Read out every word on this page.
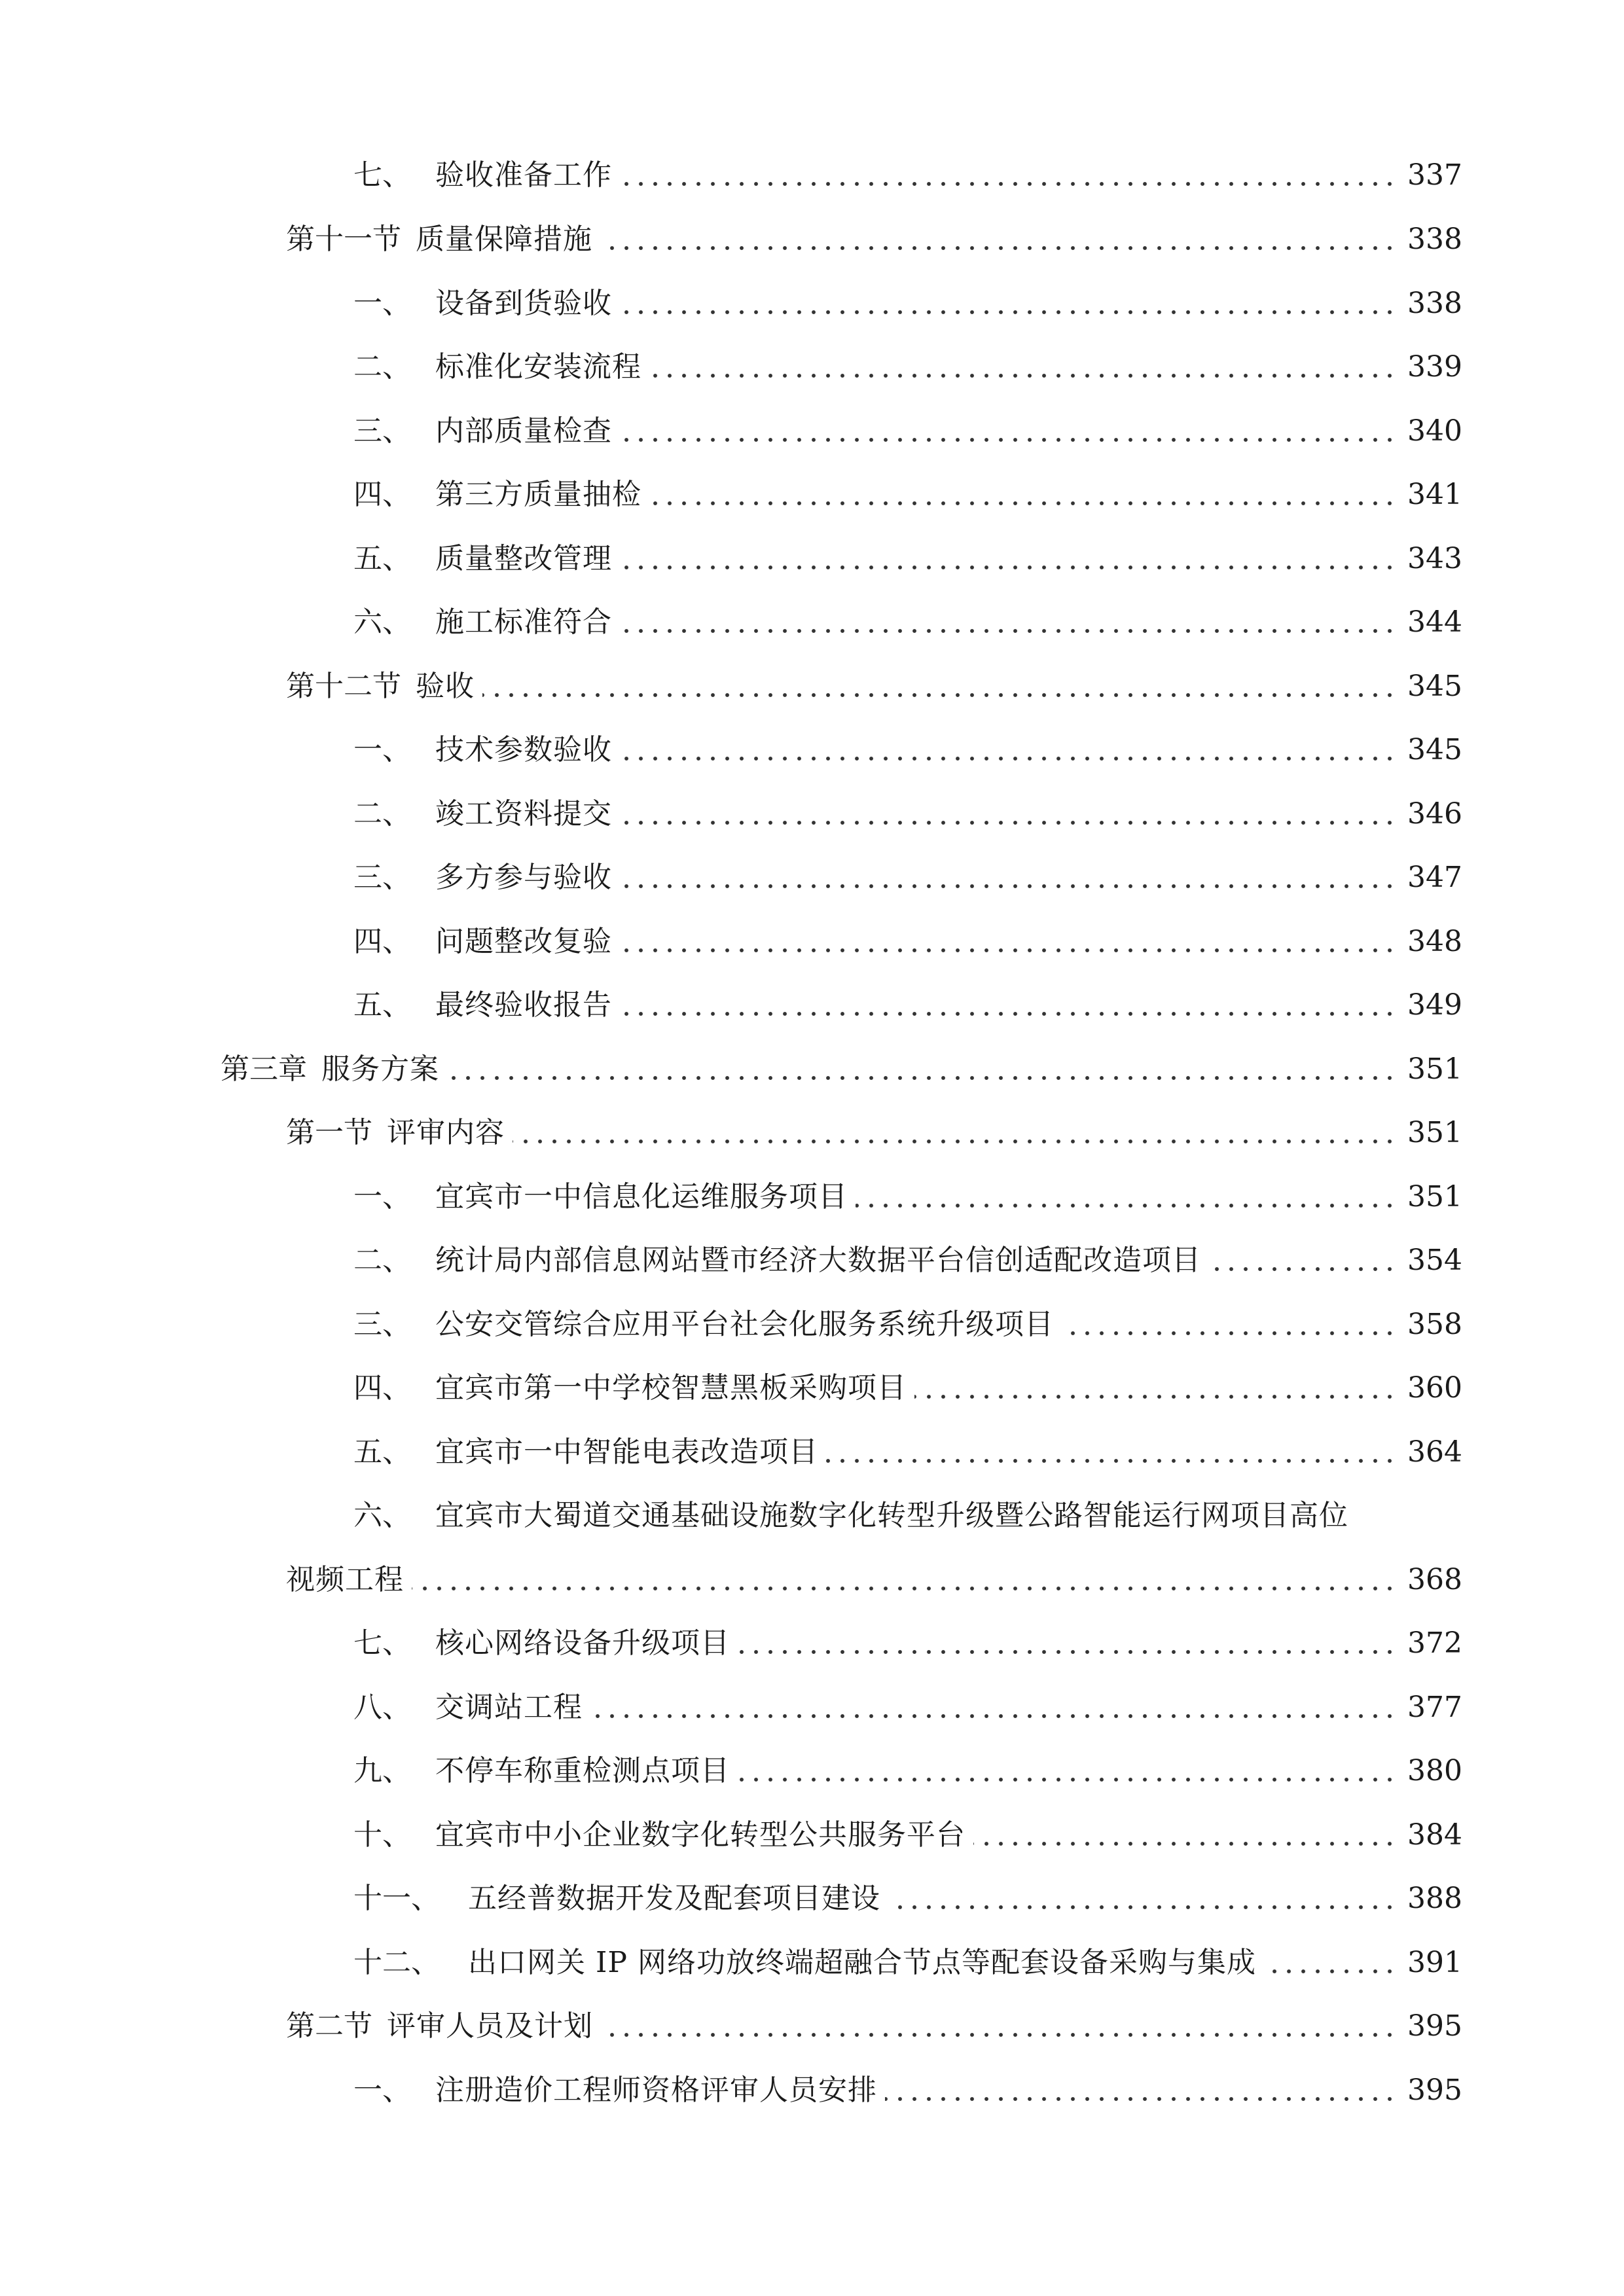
七、 验收准备工作	337
第十一节 质量保障措施	338
一、 设备到货验收	338
二、 标准化安装流程	339
三、 内部质量检查	340
四、 第三方质量抽检	341
五、 质量整改管理	343
六、 施工标准符合	344
第十二节 验收	345
一、 技术参数验收	345
二、 竣工资料提交	346
三、 多方参与验收	347
四、 问题整改复验	348
五、 最终验收报告	349
第三章 服务方案	351
第一节 评审内容	351
一、 宜宾市一中信息化运维服务项目	351
二、 统计局内部信息网站暨市经济大数据平台信创适配改造项目	354
三、 公安交管综合应用平台社会化服务系统升级项目	358
四、 宜宾市第一中学校智慧黑板采购项目	360
五、 宜宾市一中智能电表改造项目	364
六、 宜宾市大蜀道交通基础设施数字化转型升级暨公路智能运行网项目高位
视频工程	368
七、 核心网络设备升级项目	372
八、 交调站工程	377
九、 不停车称重检测点项目	380
十、 宜宾市中小企业数字化转型公共服务平台	384
十一、 五经普数据开发及配套项目建设	388
十二、 出口网关 IP 网络功放终端超融合节点等配套设备采购与集成	391
第二节 评审人员及计划	395
一、 注册造价工程师资格评审人员安排	395
